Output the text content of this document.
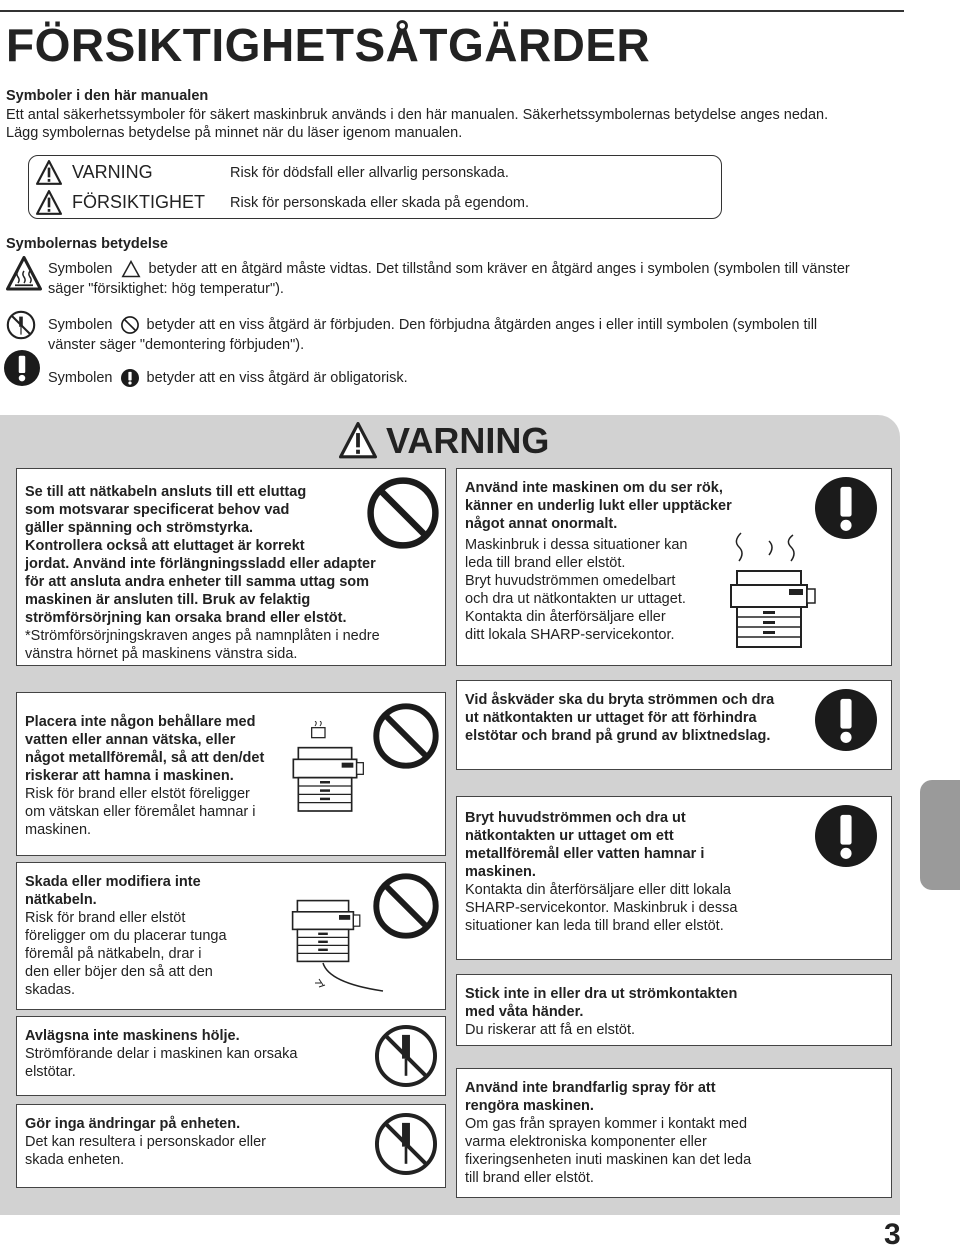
FÖRSIKTIGHETSÅTGÄRDER
Symboler i den här manualen
Ett antal säkerhetssymboler för säkert maskinbruk används i den här manualen. Säkerhetssymbolernas betydelse anges nedan.
Lägg symbolernas betydelse på minnet när du läser igenom manualen.
VARNING	Risk för dödsfall eller allvarlig personskada.
FÖRSIKTIGHET Risk för personskada eller skada på egendom.
Symbolernas betydelse
Symbolen betyder att en åtgärd måste vidtas. Det tillstånd som kräver en åtgärd anges i symbolen (symbolen till vänster
säger "försiktighet: hög temperatur").
Symbolen betyder att en viss åtgärd är förbjuden. Den förbjudna åtgärden anges i eller intill symbolen (symbolen till
vänster säger "demontering förbjuden").
Symbolen betyder att en viss åtgärd är obligatorisk.
VARNING
Se till att nätkabeln ansluts till ett eluttag
som motsvarar specificerat behov vad
gäller spänning och strömstyrka.
Kontrollera också att eluttaget är korrekt
jordat. Använd inte förlängningssladd eller adapter
för att ansluta andra enheter till samma uttag som
maskinen är ansluten till. Bruk av felaktig
strömförsörjning kan orsaka brand eller elstöt.
*Strömförsörjningskraven anges på namnplåten i nedre
vänstra hörnet på maskinens vänstra sida.
Använd inte maskinen om du ser rök,
känner en underlig lukt eller upptäcker
något annat onormalt.
Maskinbruk i dessa situationer kan
leda till brand eller elstöt.
Bryt huvudströmmen omedelbart
och dra ut nätkontakten ur uttaget.
Kontakta din återförsäljare eller
ditt lokala SHARP-servicekontor.
Placera inte någon behållare med
vatten eller annan vätska, eller
något metallföremål, så att den/det
riskerar att hamna i maskinen.
Risk för brand eller elstöt föreligger
om vätskan eller föremålet hamnar i
maskinen.
Vid åskväder ska du bryta strömmen och dra
ut nätkontakten ur uttaget för att förhindra
elstötar och brand på grund av blixtnedslag.
Skada eller modifiera inte
nätkabeln.
Risk för brand eller elstöt
föreligger om du placerar tunga
föremål på nätkabeln, drar i
den eller böjer den så att den
skadas.
Bryt huvudströmmen och dra ut
nätkontakten ur uttaget om ett
metallföremål eller vatten hamnar i
maskinen.
Kontakta din återförsäljare eller ditt lokala
SHARP-servicekontor. Maskinbruk i dessa
situationer kan leda till brand eller elstöt.
Avlägsna inte maskinens hölje.
Strömförande delar i maskinen kan orsaka
elstötar.
Stick inte in eller dra ut strömkontakten
med våta händer.
Du riskerar att få en elstöt.
Gör inga ändringar på enheten.
Det kan resultera i personskador eller
skada enheten.
Använd inte brandfarlig spray för att
rengöra maskinen.
Om gas från sprayen kommer i kontakt med
varma elektroniska komponenter eller
fixeringsenheten inuti maskinen kan det leda
till brand eller elstöt.
3
